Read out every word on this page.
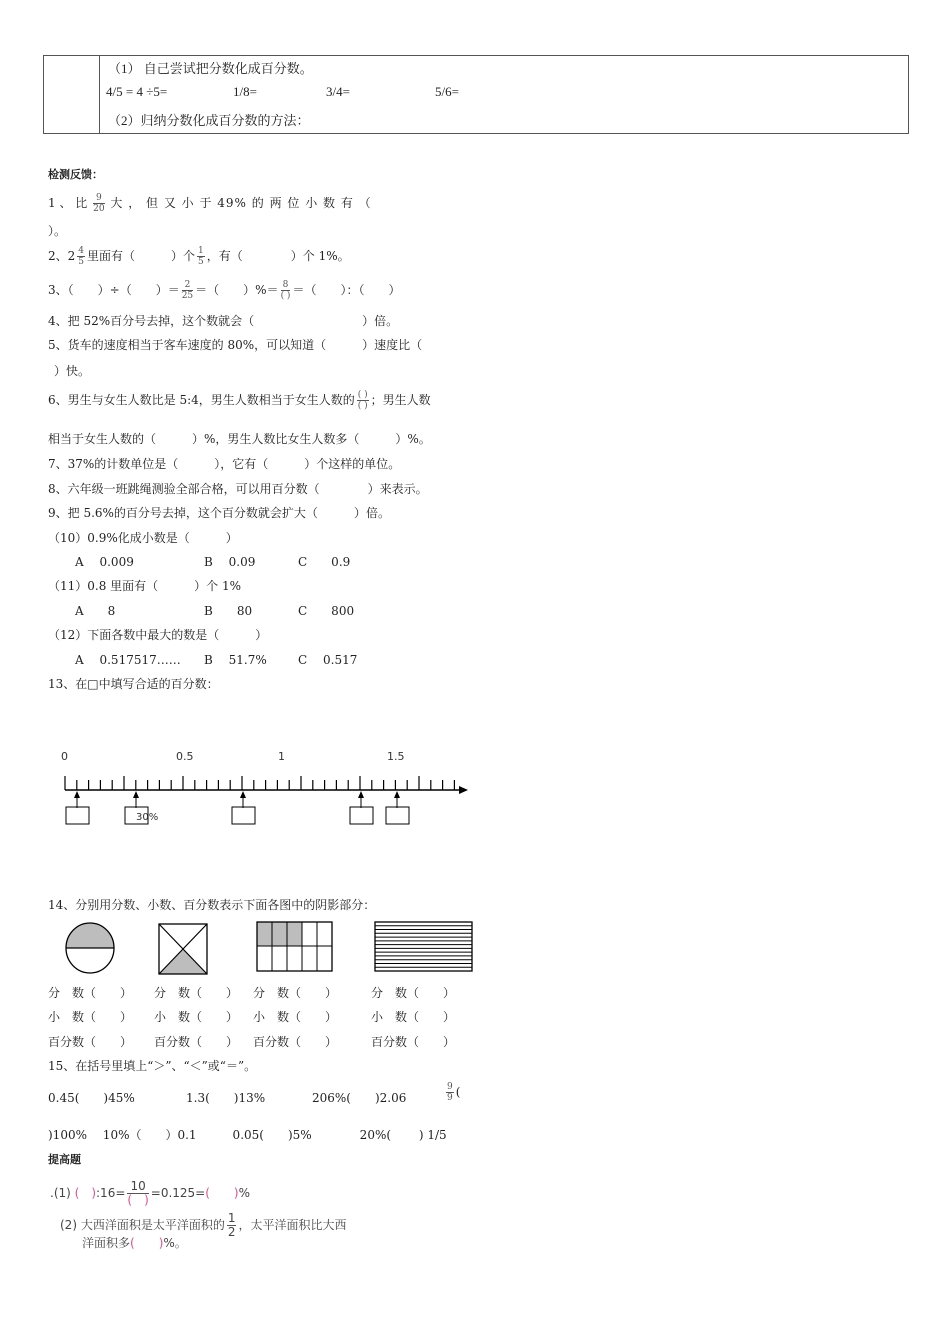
（1） 自己尝试把分数化成百分数。
4/5 = 4 ÷5=	1/8=	3/4=	5/6=
（2）归纳分数化成百分数的方法：
检测反馈：
1 、 比 $\frac{9}{20}$ 大 ， 但 又 小 于 49% 的 两 位 小 数 有 （
）。
2、$2 \frac{4}{5}$ 里面有（　　　）个 $\frac{1}{5}$ ，有（　　　　）个 1%。
3、（　　）÷（　　）＝ $\frac{2}{25}$ ＝（　　）%＝ $\frac{8}{( )}$ ＝（　　）：（　　）
4、把 52%百分号去掉，这个数就会（　　　　　　　　　）倍。
5、货车的速度相当于客车速度的 80%，可以知道（　　　）速度比（
）快。
6、男生与女生人数比是 5:4，男生人数相当于女生人数的 $\frac{( )}{( )}$ ；男生人数
相当于女生人数的（　　　）%，男生人数比女生人数多（　　　）%。
7、37%的计数单位是（　　　），它有（　　　）个这样的单位。
8、六年级一班跳绳测验全部合格，可以用百分数（　　　　）来表示。
9、把 5.6%的百分号去掉，这个百分数就会扩大（　　　）倍。
（10）0.9%化成小数是（　　　）
A　 0.009	B　 0.09	C　　0.9
（11）0.8 里面有（　　　）个 1%
A　　8	B　　80	C　　800
（12）下面各数中最大的数是（　　　）
A　 0.517517…… B　 51.7%	C　 0.517
13、在□中填写合适的百分数：
0	0.5	1	1.5
30%
14、分别用分数、小数、百分数表示下面各图中的阴影部分：
分　数（　　） 分　数（　　） 分　数（　　）	分　数（　　）
小　数（　　） 小　数（　　） 小　数（　　）	小　数（　　）
百分数（　　） 百分数（　　） 百分数（　　）	百分数（　　）
15、在括号里填上“＞”、“＜”或“＝”。
0.45(　　)45%	1.3(　　)13%	206%(　　)2.06	$\frac{9}{9}$ (
)100%　 10%（　　）0.1　　　0.05(　　)5%　　　　20%(　　 ) 1/5
提高题
.(1) (　):16= $\frac{10}{( )} =0.125=$(　　)%
(2) 大西洋面积是太平洋面积的 $\frac{1}{2}$ ，太平洋面积比大西
洋面积多(　　)%。
